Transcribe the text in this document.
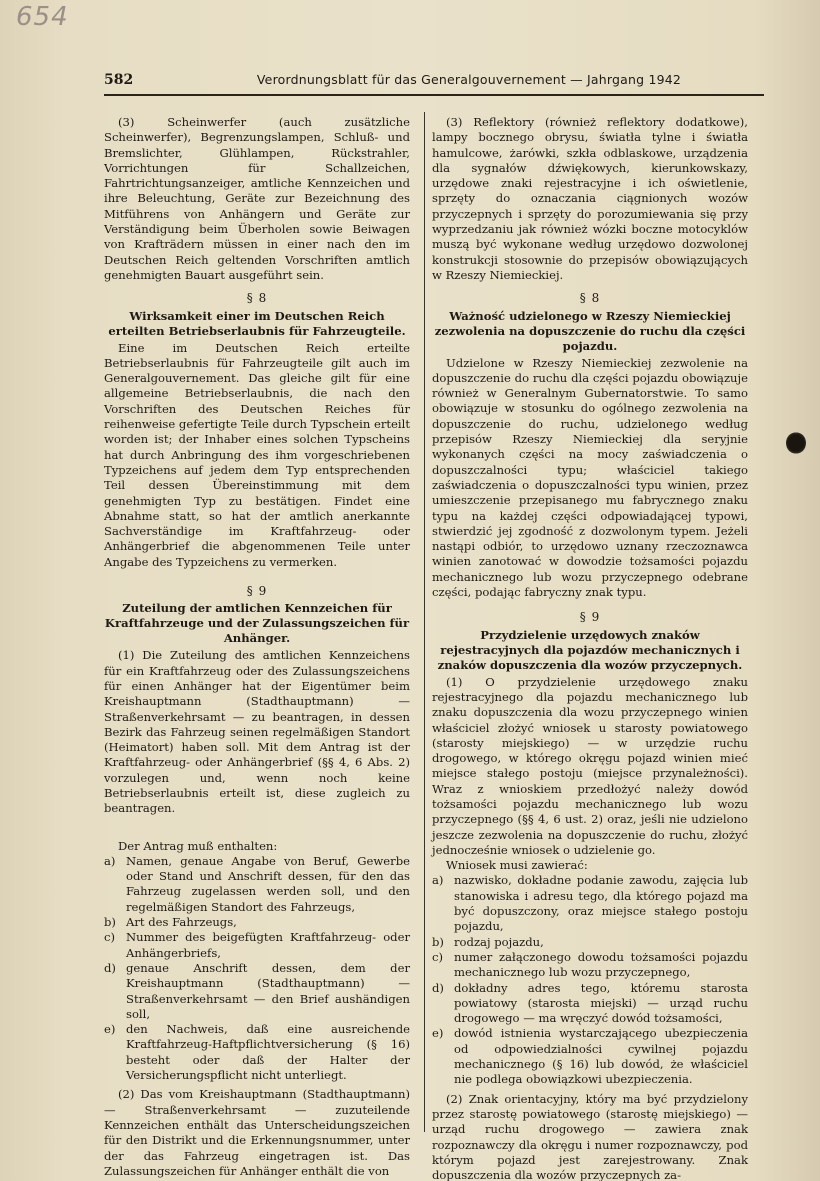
654
582	Verordnungsblatt für das Generalgouvernement — Jahrgang 1942

(3) Scheinwerfer (auch zusätzliche Scheinwerfer), Begrenzungslampen, Schluß- und Bremslichter, Glühlampen, Rückstrahler, Vorrichtungen für Schallzeichen, Fahrtrichtungsanzeiger, amtliche Kennzeichen und ihre Beleuchtung, Geräte zur Bezeichnung des Mitführens von Anhängern und Geräte zur Verständigung beim Überholen sowie Beiwagen von Krafträdern müssen in einer nach den im Deutschen Reich geltenden Vorschriften amtlich genehmigten Bauart ausgeführt sein.

§ 8
Wirksamkeit einer im Deutschen Reich erteilten Betriebserlaubnis für Fahrzeugteile.

Eine im Deutschen Reich erteilte Betriebserlaubnis für Fahrzeugteile gilt auch im Generalgouvernement. Das gleiche gilt für eine allgemeine Betriebserlaubnis, die nach den Vorschriften des Deutschen Reiches für reihenweise gefertigte Teile durch Typschein erteilt worden ist; der Inhaber eines solchen Typscheins hat durch Anbringung des ihm vorgeschriebenen Typzeichens auf jedem dem Typ entsprechenden Teil dessen Übereinstimmung mit dem genehmigten Typ zu bestätigen. Findet eine Abnahme statt, so hat der amtlich anerkannte Sachverständige im Kraftfahrzeug- oder Anhängerbrief die abgenommenen Teile unter Angabe des Typzeichens zu vermerken.

§ 9
Zuteilung der amtlichen Kennzeichen für Kraftfahrzeuge und der Zulassungszeichen für Anhänger.

(1) Die Zuteilung des amtlichen Kennzeichens für ein Kraftfahrzeug oder des Zulassungszeichens für einen Anhänger hat der Eigentümer beim Kreishauptmann (Stadthauptmann) — Straßenverkehrsamt — zu beantragen, in dessen Bezirk das Fahrzeug seinen regelmäßigen Standort (Heimatort) haben soll. Mit dem Antrag ist der Kraftfahrzeug- oder Anhängerbrief (§§ 4, 6 Abs. 2) vorzulegen und, wenn noch keine Betriebserlaubnis erteilt ist, diese zugleich zu beantragen.

Der Antrag muß enthalten:

a) Namen, genaue Angabe von Beruf, Gewerbe oder Stand und Anschrift dessen, für den das Fahrzeug zugelassen werden soll, und den regelmäßigen Standort des Fahrzeugs,
b) Art des Fahrzeugs,
c) Nummer des beigefügten Kraftfahrzeug- oder Anhängerbriefs,
d) genaue Anschrift dessen, dem der Kreishauptmann (Stadthauptmann) — Straßenverkehrsamt — den Brief aushändigen soll,
e) den Nachweis, daß eine ausreichende Kraftfahrzeug-Haftpflichtversicherung (§ 16) besteht oder daß der Halter der Versicherungspflicht nicht unterliegt.

(2) Das vom Kreishauptmann (Stadthauptmann) — Straßenverkehrsamt — zuzuteilende Kennzeichen enthält das Unterscheidungszeichen für den Distrikt und die Erkennungsnummer, unter der das Fahrzeug eingetragen ist. Das Zulassungszeichen für Anhänger enthält die von

(3) Reflektory (również reflektory dodatkowe), lampy bocznego obrysu, światła tylne i światła hamulcowe, żarówki, szkła odblaskowe, urządzenia dla sygnałów dźwiękowych, kierunkowskazy, urzędowe znaki rejestracyjne i ich oświetlenie, sprzęty do oznaczania ciągnionych wozów przyczepnych i sprzęty do porozumiewania się przy wyprzedzaniu jak również wózki boczne motocyklów muszą być wykonane według urzędowo dozwolonej konstrukcji stosownie do przepisów obowiązujących w Rzeszy Niemieckiej.

§ 8
Ważność udzielonego w Rzeszy Niemieckiej zezwolenia na dopuszczenie do ruchu dla części pojazdu.

Udzielone w Rzeszy Niemieckiej zezwolenie na dopuszczenie do ruchu dla części pojazdu obowiązuje również w Generalnym Gubernatorstwie. To samo obowiązuje w stosunku do ogólnego zezwolenia na dopuszczenie do ruchu, udzielonego według przepisów Rzeszy Niemieckiej dla seryjnie wykonanych części na mocy zaświadczenia o dopuszczalności typu; właściciel takiego zaświadczenia o dopuszczalności typu winien, przez umieszczenie przepisanego mu fabrycznego znaku typu na każdej części odpowiadającej typowi, stwierdzić jej zgodność z dozwolonym typem. Jeżeli nastąpi odbiór, to urzędowo uznany rzeczoznawca winien zanotować w dowodzie tożsamości pojazdu mechanicznego lub wozu przyczepnego odebrane części, podając fabryczny znak typu.

§ 9
Przydzielenie urzędowych znaków rejestracyjnych dla pojazdów mechanicznych i znaków dopuszczenia dla wozów przyczepnych.

(1) O przydzielenie urzędowego znaku rejestracyjnego dla pojazdu mechanicznego lub znaku dopuszczenia dla wozu przyczepnego winien właściciel złożyć wniosek u starosty powiatowego (starosty miejskiego) — w urzędzie ruchu drogowego, w którego okręgu pojazd winien mieć miejsce stałego postoju (miejsce przynależności). Wraz z wnioskiem przedłożyć należy dowód tożsamości pojazdu mechanicznego lub wozu przyczepnego (§§ 4, 6 ust. 2) oraz, jeśli nie udzielono jeszcze zezwolenia na dopuszczenie do ruchu, złożyć jednocześnie wniosek o udzielenie go.

Wniosek musi zawierać:

a) nazwisko, dokładne podanie zawodu, zajęcia lub stanowiska i adresu tego, dla którego pojazd ma być dopuszczony, oraz miejsce stałego postoju pojazdu,
b) rodzaj pojazdu,
c) numer załączonego dowodu tożsamości pojazdu mechanicznego lub wozu przyczepnego,
d) dokładny adres tego, któremu starosta powiatowy (starosta miejski) — urząd ruchu drogowego — ma wręczyć dowód tożsamości,
e) dowód istnienia wystarczającego ubezpieczenia od odpowiedzialności cywilnej pojazdu mechanicznego (§ 16) lub dowód, że właściciel nie podlega obowiązkowi ubezpieczenia.

(2) Znak orientacyjny, który ma być przydzielony przez starostę powiatowego (starostę miejskiego) — urząd ruchu drogowego — zawiera znak rozpoznawczy dla okręgu i numer rozpoznawczy, pod którym pojazd jest zarejestrowany. Znak dopuszczenia dla wozów przyczepnych za-
